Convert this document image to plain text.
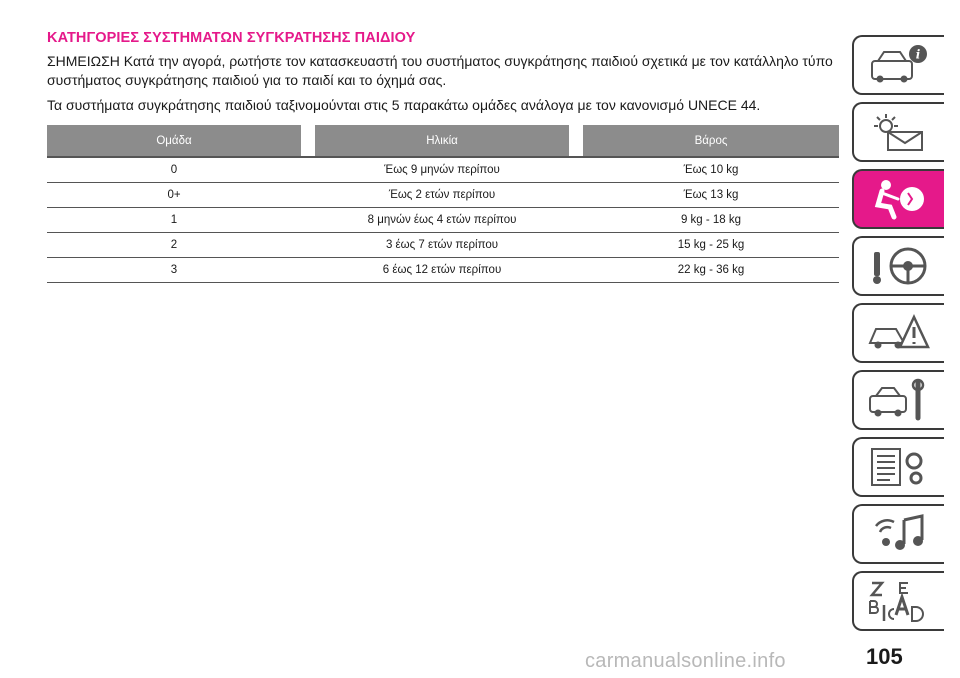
ΚΑΤΗΓΟΡΙΕΣ ΣΥΣΤΗΜΑΤΩΝ ΣΥΓΚΡΑΤΗΣΗΣ ΠΑΙΔΙΟΥ

ΣΗΜΕΙΩΣΗ Κατά την αγορά, ρωτήστε τον κατασκευαστή του συστήματος συγκράτησης παιδιού σχετικά με τον κατάλληλο τύπο συστήματος συγκράτησης παιδιού για το παιδί και το όχημά σας.

Τα συστήματα συγκράτησης παιδιού ταξινομούνται στις 5 παρακάτω ομάδες ανάλογα με τον κανονισμό UNECE 44.

Ομάδα		Ηλικία		Βάρος
0	Έως 9 μηνών περίπου			Έως 10 kg
0+	Έως 2 ετών περίπου			Έως 13 kg
1	8 μηνών έως 4 ετών περίπου			9 kg - 18 kg
2	3 έως 7 ετών περίπου			15 kg - 25 kg
3	6 έως 12 ετών περίπου			22 kg - 36 kg
i
carmanualsonline.info	105
